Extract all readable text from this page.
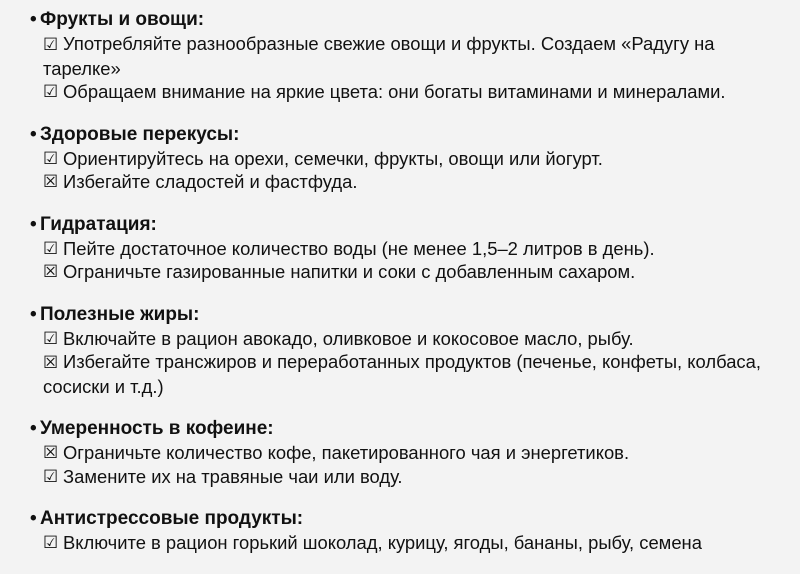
• Фрукты и овощи:
☑ Употребляйте разнообразные свежие овощи и фрукты. Создаем «Радугу на тарелке»
☑ Обращаем внимание на яркие цвета: они богаты витаминами и минералами.
• Здоровые перекусы:
☑ Ориентируйтесь на орехи, семечки, фрукты, овощи или йогурт.
☒ Избегайте сладостей и фастфуда.
• Гидратация:
☑ Пейте достаточное количество воды (не менее 1,5–2 литров в день).
☒ Ограничьте газированные напитки и соки с добавленным сахаром.
• Полезные жиры:
☑ Включайте в рацион авокадо, оливковое и кокосовое масло, рыбу.
☒ Избегайте трансжиров и переработанных продуктов (печенье, конфеты, колбаса, сосиски и т.д.)
• Умеренность в кофеине:
☒ Ограничьте количество кофе, пакетированного чая и энергетиков.
☑ Замените их на травяные чаи или воду.
• Антистрессовые продукты:
☑ Включите в рацион горький шоколад, курицу, ягоды, бананы, рыбу, семена
